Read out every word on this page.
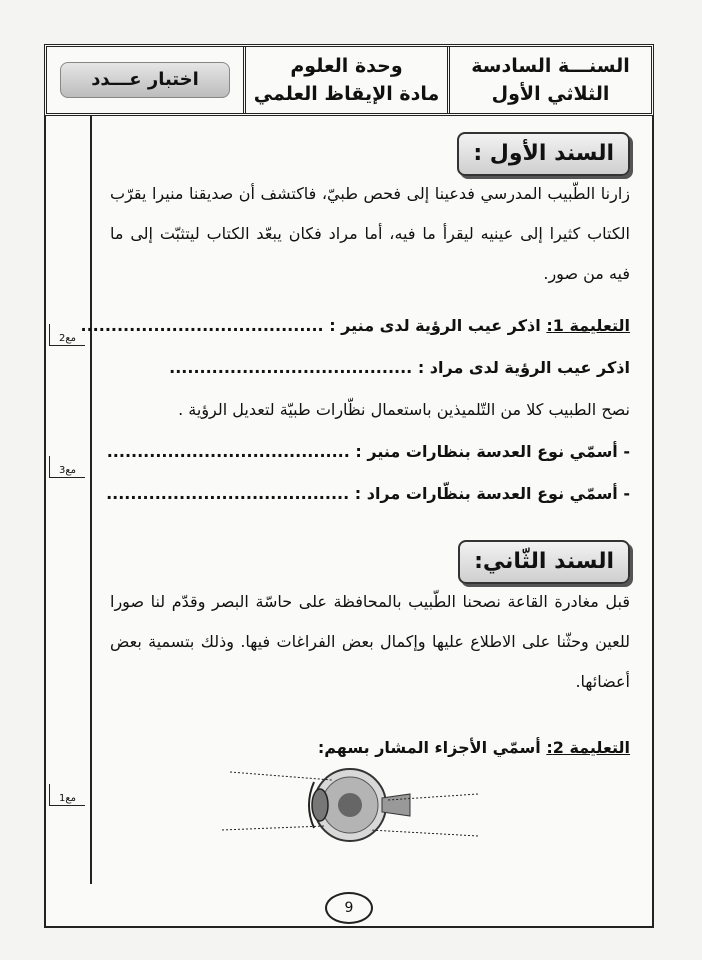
السنـــة السادسة
الثلاثي الأول
وحدة العلوم
مادة الإيقاظ العلمي
اختبار عـــدد
مع2
مع3
مع1
السند الأول :
زارنا الطّبيب المدرسي فدعينا إلى فحص طبيّ، فاكتشف أن صديقنا منيرا يقرّب الكتاب كثيرا إلى عينيه ليقرأ ما فيه، أما مراد فكان يبعّد الكتاب ليتثبّت إلى ما فيه من صور.
التعليمة 1: اذكر عيب الرؤية لدى منير : ........................................
اذكر عيب الرؤية لدى مراد : ........................................
نصح الطبيب كلا من التّلميذين باستعمال نظّارات طبيّة لتعديل الرؤية .
- أسمّي نوع العدسة بنظارات منير : ........................................
- أسمّي نوع العدسة بنظّارات مراد : ........................................
السند الثّاني:
قبل مغادرة القاعة نصحنا الطّبيب بالمحافظة على حاسّة البصر وقدّم لنا صورا للعين وحثّنا على الاطلاع عليها وإكمال بعض الفراغات فيها. وذلك بتسمية بعض أعضائها.
التعليمة 2: أسمّي الأجزاء المشار بسهم:
9
